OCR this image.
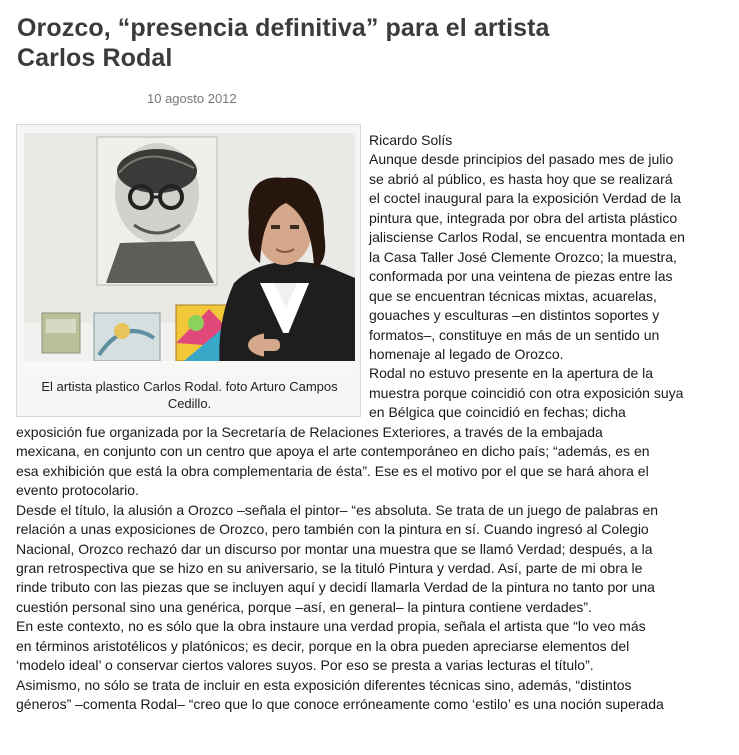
Orozco, “presencia definitiva” para el artista
Carlos Rodal
10 agosto 2012
El artista plastico Carlos Rodal. foto Arturo Campos
Cedillo.
Ricardo Solís
Aunque desde principios del pasado mes de julio
se abrió al público, es hasta hoy que se realizará
el coctel inaugural para la exposición Verdad de la
pintura que, integrada por obra del artista plástico
jalisciense Carlos Rodal, se encuentra montada en
la Casa Taller José Clemente Orozco; la muestra,
conformada por una veintena de piezas entre las
que se encuentran técnicas mixtas, acuarelas,
gouaches y esculturas –en distintos soportes y
formatos–, constituye en más de un sentido un
homenaje al legado de Orozco.
Rodal no estuvo presente en la apertura de la
muestra porque coincidió con otra exposición suya
en Bélgica que coincidió en fechas; dicha
exposición fue organizada por la Secretaría de Relaciones Exteriores, a través de la embajada
mexicana, en conjunto con un centro que apoya el arte contemporáneo en dicho país; “además, es en
esa exhibición que está la obra complementaria de ésta”. Ese es el motivo por el que se hará ahora el
evento protocolario.
Desde el título, la alusión a Orozco –señala el pintor– “es absoluta. Se trata de un juego de palabras en
relación a unas exposiciones de Orozco, pero también con la pintura en sí. Cuando ingresó al Colegio
Nacional, Orozco rechazó dar un discurso por montar una muestra que se llamó Verdad; después, a la
gran retrospectiva que se hizo en su aniversario, se la tituló Pintura y verdad. Así, parte de mi obra le
rinde tributo con las piezas que se incluyen aquí y decidí llamarla Verdad de la pintura no tanto por una
cuestión personal sino una genérica, porque –así, en general– la pintura contiene verdades”.
En este contexto, no es sólo que la obra instaure una verdad propia, señala el artista que “lo veo más
en términos aristotélicos y platónicos; es decir, porque en la obra pueden apreciarse elementos del
‘modelo ideal’ o conservar ciertos valores suyos. Por eso se presta a varias lecturas el título”.
Asimismo, no sólo se trata de incluir en esta exposición diferentes técnicas sino, además, “distintos
géneros” –comenta Rodal– “creo que lo que conoce erróneamente como ‘estilo’ es una noción superada
